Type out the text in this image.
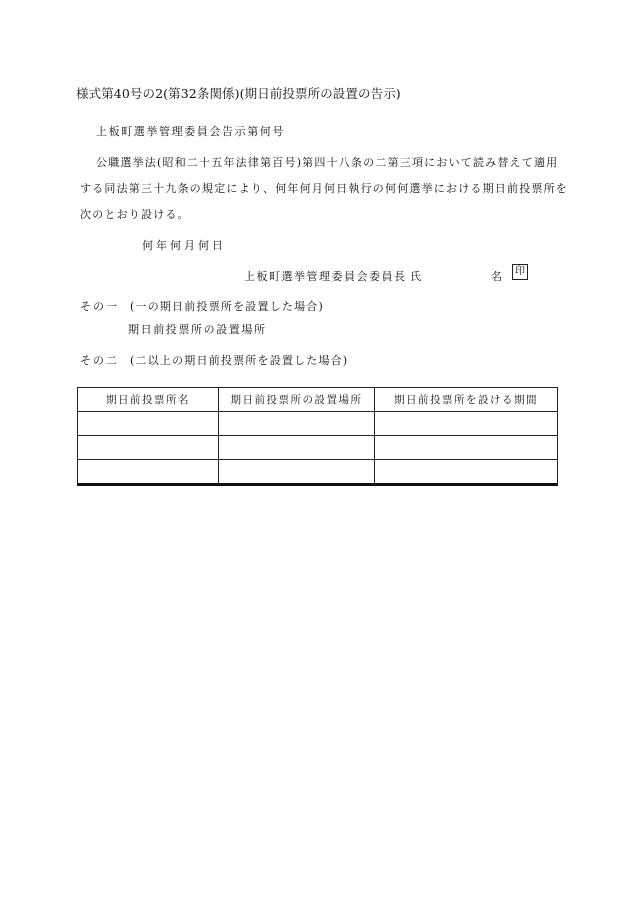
様式第40号の2(第32条関係)(期日前投票所の設置の告示)
上板町選挙管理委員会告示第何号
公職選挙法(昭和二十五年法律第百号)第四十八条の二第三項において読み替えて適用
する同法第三十九条の規定により、何年何月何日執行の何何選挙における期日前投票所を
次のとおり設ける。
何年何月何日
上板町選挙管理委員会委員長 氏	名	印
その一 (一の期日前投票所を設置した場合)
期日前投票所の設置場所
その二 (二以上の期日前投票所を設置した場合)
期日前投票所名	期日前投票所の設置場所	期日前投票所を設ける期間
